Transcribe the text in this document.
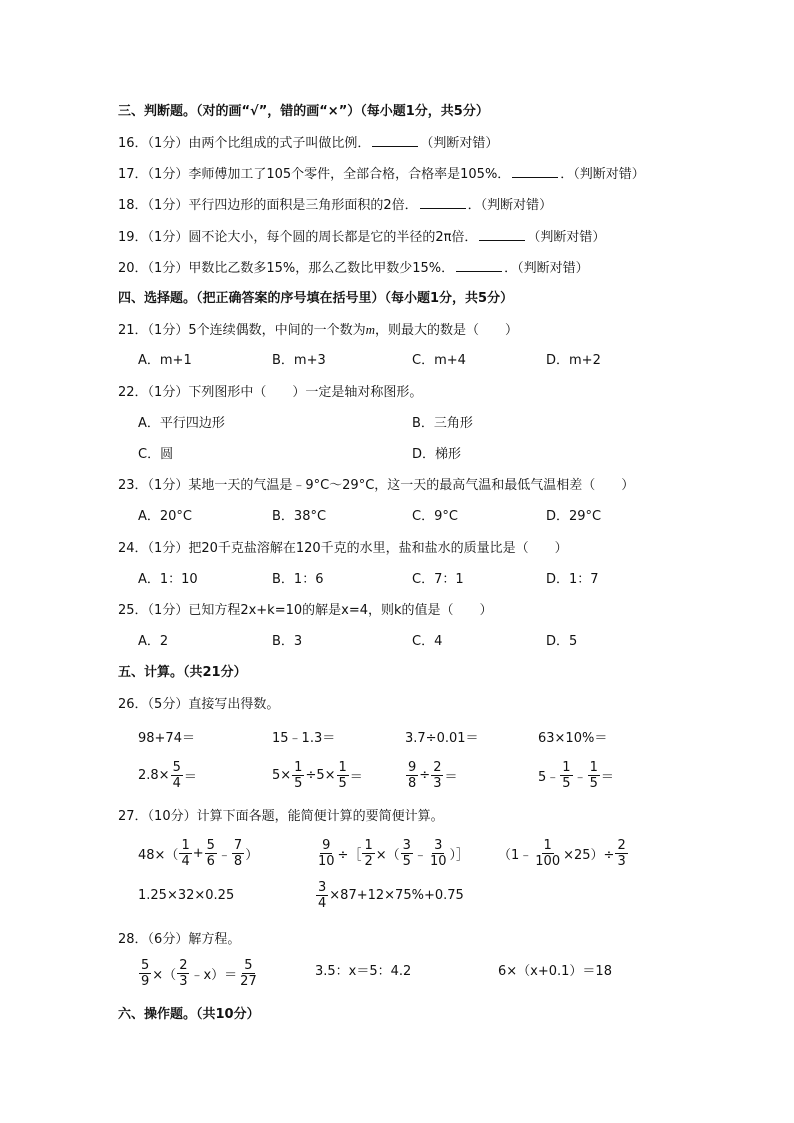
三、判断题。（对的画“√”，错的画“×”）（每小题1分，共5分）
16．（1分）由两个比组成的式子叫做比例．	（判断对错）
17．（1分）李师傅加工了105个零件，全部合格，合格率是105%．	．（判断对错）
18．（1分）平行四边形的面积是三角形面积的2倍．	．（判断对错）
19．（1分）圆不论大小，每个圆的周长都是它的半径的2π倍．	（判断对错）
20．（1分）甲数比乙数多15%，那么乙数比甲数少15%．	．（判断对错）
四、选择题。（把正确答案的序号填在括号里）（每小题1分，共5分）
21．（1分）5个连续偶数，中间的一个数为m，则最大的数是（　　）
A．m+1	B．m+3	C．m+4	D．m+2
22．（1分）下列图形中（　　）一定是轴对称图形。
A．平行四边形	B．三角形
C．圆	D．梯形
23．（1分）某地一天的气温是﹣9°C～29°C，这一天的最高气温和最低气温相差（　　）
A．20°C	B．38°C	C．9°C	D．29°C
24．（1分）把20千克盐溶解在120千克的水里，盐和盐水的质量比是（　　）
A．1：10	B．1：6	C．7：1	D．1：7
25．（1分）已知方程2x+k=10的解是x=4，则k的值是（　　）
A．2	B．3	C．4	D．5
五、计算。（共21分）
26．（5分）直接写出得数。
98+74＝	15﹣1.3＝	3.7÷0.01＝	63×10%＝
$2.8\times \frac{5}{4}$ ＝	$5\times \frac{1}{5} \div 5\times \frac{1}{5}$ ＝	$\frac{9}{8} \div \frac{2}{3}$ ＝	5﹣ $\frac{1}{5}$ ﹣ $\frac{1}{5}$ ＝
27．（10分）计算下面各题，能简便计算的要简便计算。
$48\times( \frac{1}{4} + \frac{5}{6}$ ﹣ $\frac{7}{8}$ ）	$\frac{9}{10}$ ÷［ $\frac{1}{2}$ ×（ $\frac{3}{5}$ ﹣ $\frac{3}{10}$ ）］ （1﹣ $\frac{1}{100} \times 25)\div \frac{2}{3}$
1.25×32×0.25	$\frac{3}{4} \times 87+12\times 75\%+0.75$
28．（6分）解方程。
$\frac{5}{9}$ ×（ $\frac{2}{3}$ ﹣x）＝ $\frac{5}{27}$	3.5：x＝5：4.2	6×（x+0.1）＝18
六、操作题。（共10分）
